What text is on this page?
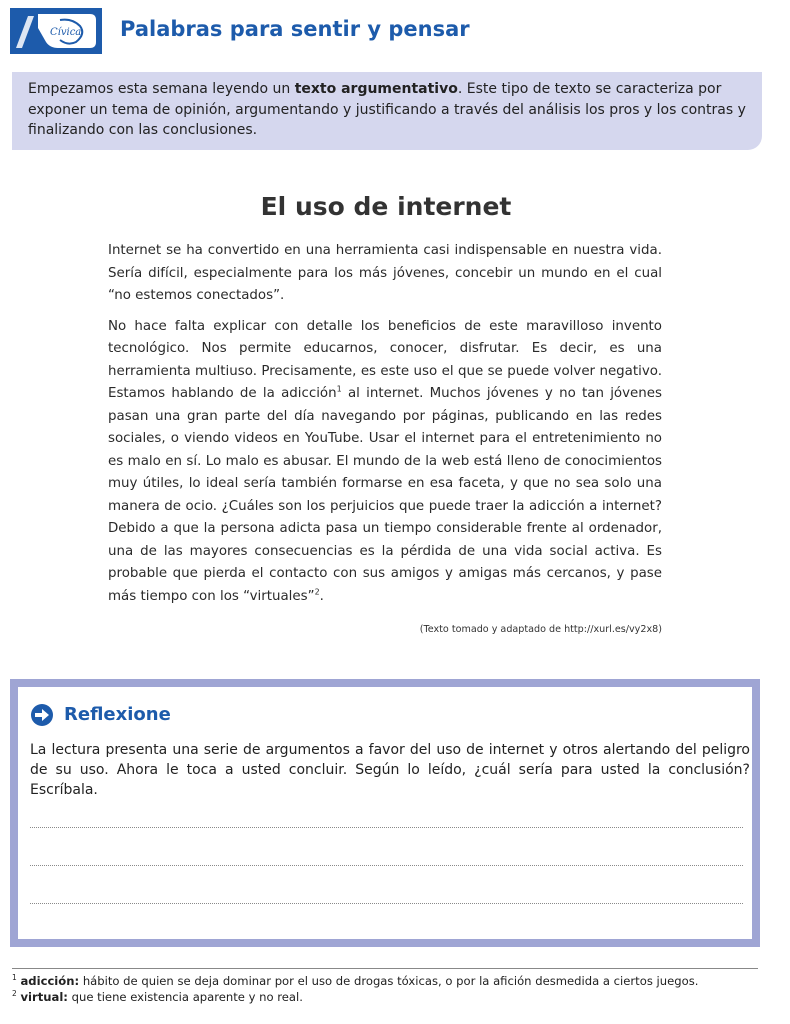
Cívica Palabras para sentir y pensar
Empezamos esta semana leyendo un texto argumentativo. Este tipo de texto se caracteriza por exponer un tema de opinión, argumentando y justificando a través del análisis los pros y los contras y finalizando con las conclusiones.
El uso de internet

Internet se ha convertido en una herramienta casi indispensable en nuestra vida. Sería difícil, especialmente para los más jóvenes, concebir un mundo en el cual “no estemos conectados”.

No hace falta explicar con detalle los beneficios de este maravilloso invento tecnológico. Nos permite educarnos, conocer, disfrutar. Es decir, es una herramienta multiuso. Precisamente, es este uso el que se puede volver negativo. Estamos hablando de la adicción$^1$ al internet. Muchos jóvenes y no tan jóvenes pasan una gran parte del día navegando por páginas, publicando en las redes sociales, o viendo videos en YouTube. Usar el internet para el entretenimiento no es malo en sí. Lo malo es abusar. El mundo de la web está lleno de conocimientos muy útiles, lo ideal sería también formarse en esa faceta, y que no sea solo una manera de ocio. ¿Cuáles son los perjuicios que puede traer la adicción a internet? Debido a que la persona adicta pasa un tiempo considerable frente al ordenador, una de las mayores consecuencias es la pérdida de una vida social activa. Es probable que pierda el contacto con sus amigos y amigas más cercanos, y pase más tiempo con los “virtuales”$^2$.

(Texto tomado y adaptado de http://xurl.es/vy2x8)
Reflexione
La lectura presenta una serie de argumentos a favor del uso de internet y otros alertando del peligro de su uso. Ahora le toca a usted concluir. Según lo leído, ¿cuál sería para usted la conclusión? Escríbala.
$^1$ adicción: hábito de quien se deja dominar por el uso de drogas tóxicas, o por la afición desmedida a ciertos juegos.
$^2$ virtual: que tiene existencia aparente y no real.
